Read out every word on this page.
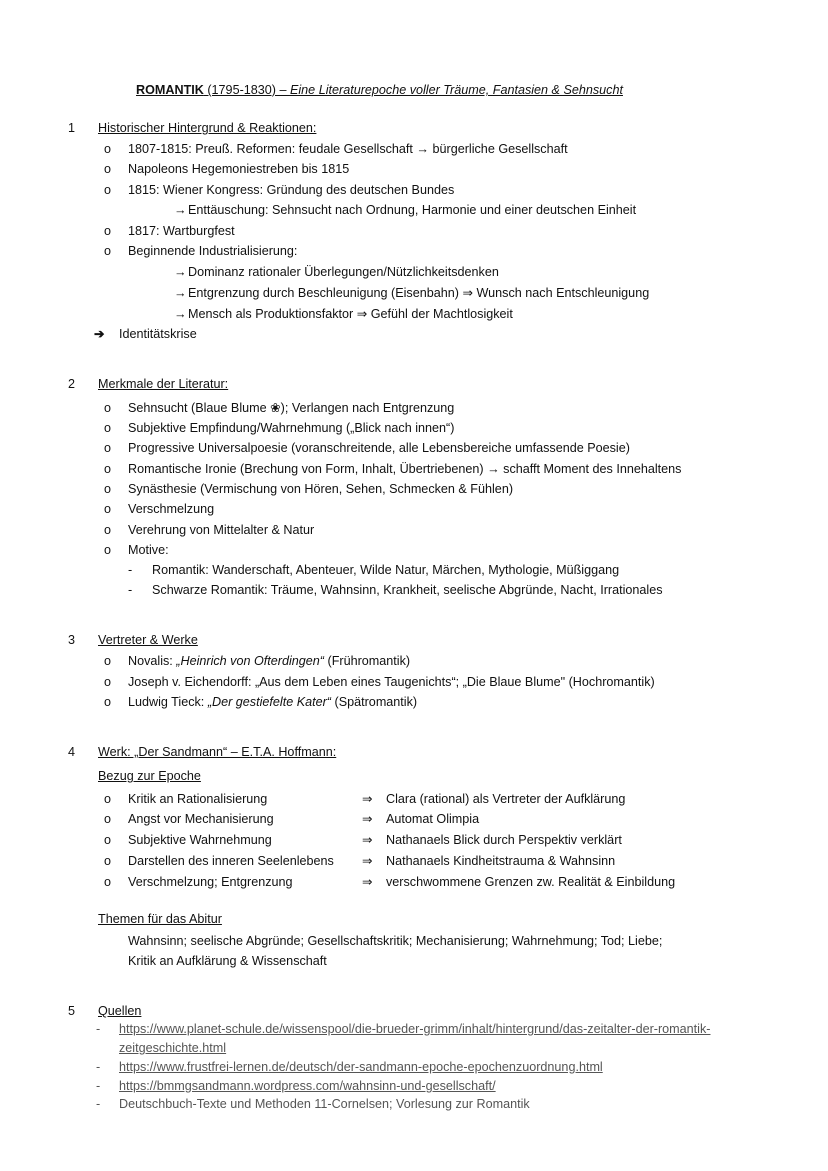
ROMANTIK (1795-1830) – Eine Literaturepoche voller Träume, Fantasien & Sehnsucht
1 Historischer Hintergrund & Reaktionen:
o 1807-1815: Preuß. Reformen: feudale Gesellschaft → bürgerliche Gesellschaft
o Napoleons Hegemoniestreben bis 1815
o 1815: Wiener Kongress: Gründung des deutschen Bundes
→ Enttäuschung: Sehnsucht nach Ordnung, Harmonie und einer deutschen Einheit
o 1817: Wartburgfest
o Beginnende Industrialisierung:
→ Dominanz rationaler Überlegungen/Nützlichkeitsdenken
→ Entgrenzung durch Beschleunigung (Eisenbahn) ⇒ Wunsch nach Entschleunigung
→ Mensch als Produktionsfaktor ⇒ Gefühl der Machtlosigkeit
➔ Identitätskrise
2 Merkmale der Literatur:
o Sehnsucht (Blaue Blume ❀); Verlangen nach Entgrenzung
o Subjektive Empfindung/Wahrnehmung („Blick nach innen“)
o Progressive Universalpoesie (voranschreitende, alle Lebensbereiche umfassende Poesie)
o Romantische Ironie (Brechung von Form, Inhalt, Übertriebenen) → schafft Moment des Innehaltens
o Synästhesie (Vermischung von Hören, Sehen, Schmecken & Fühlen)
o Verschmelzung
o Verehrung von Mittelalter & Natur
o Motive:
- Romantik: Wanderschaft, Abenteuer, Wilde Natur, Märchen, Mythologie, Müßiggang
- Schwarze Romantik: Träume, Wahnsinn, Krankheit, seelische Abgründe, Nacht, Irrationales
3 Vertreter & Werke
o Novalis: „Heinrich von Ofterdingen“ (Frühromantik)
o Joseph v. Eichendorff: „Aus dem Leben eines Taugenichts“; „Die Blaue Blume" (Hochromantik)
o Ludwig Tieck: „Der gestiefelte Kater“ (Spätromantik)
4 Werk: „Der Sandmann“ – E.T.A. Hoffmann:
Bezug zur Epoche
o Kritik an Rationalisierung	⇒ Clara (rational) als Vertreter der Aufklärung
o Angst vor Mechanisierung	⇒ Automat Olimpia
o Subjektive Wahrnehmung	⇒ Nathanaels Blick durch Perspektiv verklärt
o Darstellen des inneren Seelenlebens ⇒ Nathanaels Kindheitstrauma & Wahnsinn
o Verschmelzung; Entgrenzung	⇒ verschwommene Grenzen zw. Realität & Einbildung
Themen für das Abitur
Wahnsinn; seelische Abgründe; Gesellschaftskritik; Mechanisierung; Wahrnehmung; Tod; Liebe;
Kritik an Aufklärung & Wissenschaft
5 Quellen
- https://www.planet-schule.de/wissenspool/die-brueder-grimm/inhalt/hintergrund/das-zeitalter-der-romantik-
zeitgeschichte.html
- https://www.frustfrei-lernen.de/deutsch/der-sandmann-epoche-epochenzuordnung.html
- https://bmmgsandmann.wordpress.com/wahnsinn-und-gesellschaft/
- Deutschbuch-Texte und Methoden 11-Cornelsen; Vorlesung zur Romantik
